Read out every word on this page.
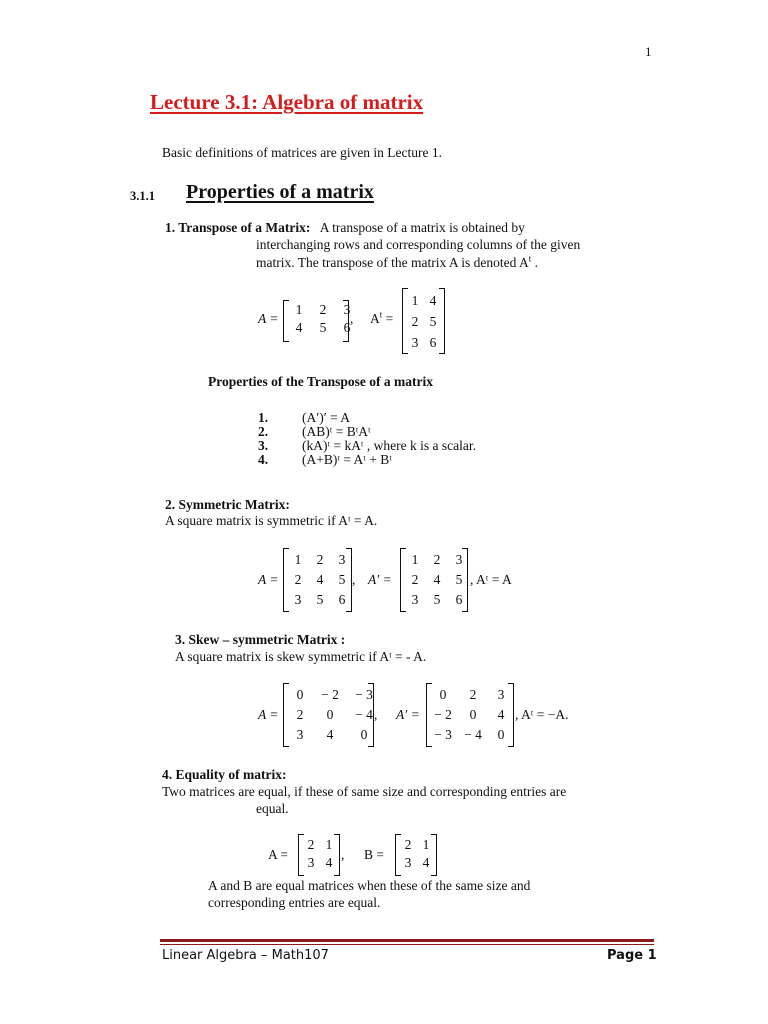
1
Lecture 3.1: Algebra of matrix
Basic definitions of matrices are given in Lecture 1.
3.1.1 Properties of a matrix
1. Transpose of a Matrix: A transpose of a matrix is obtained by
interchanging rows and corresponding columns of the given
matrix. The transpose of the matrix A is denoted $A^t$ .
A =
1	2	3
4	5	6
, $A^t$ =
1 4
2 5
3 6
Properties of the Transpose of a matrix
1.	(A′)′ = A
2.	(AB)ᵗ = BᵗAᵗ
3.	(kA)ᵗ = kAᵗ , where k is a scalar.
4.	(A+B)ᵗ = Aᵗ + Bᵗ
2. Symmetric Matrix:
A square matrix is symmetric if Aᵗ = A.
A =
1	2	3
2	4	5
3	5	6
, A′ =
1	2	3
2	4	5
3	5	6
, Aᵗ = A
3. Skew – symmetric Matrix :
A square matrix is skew symmetric if Aᵗ = - A.
A =
0	− 2	− 3
2	0	− 4
3	4	0
, A′ =
0	2	3
− 2	0	4
− 3 − 4	0
, Aᵗ = −A.
4. Equality of matrix:
Two matrices are equal, if these of same size and corresponding entries are
equal.
A =
2 1
3 4
, B =
2 1
3 4
A and B are equal matrices when these of the same size and
corresponding entries are equal.
Linear Algebra – Math107	Page 1
